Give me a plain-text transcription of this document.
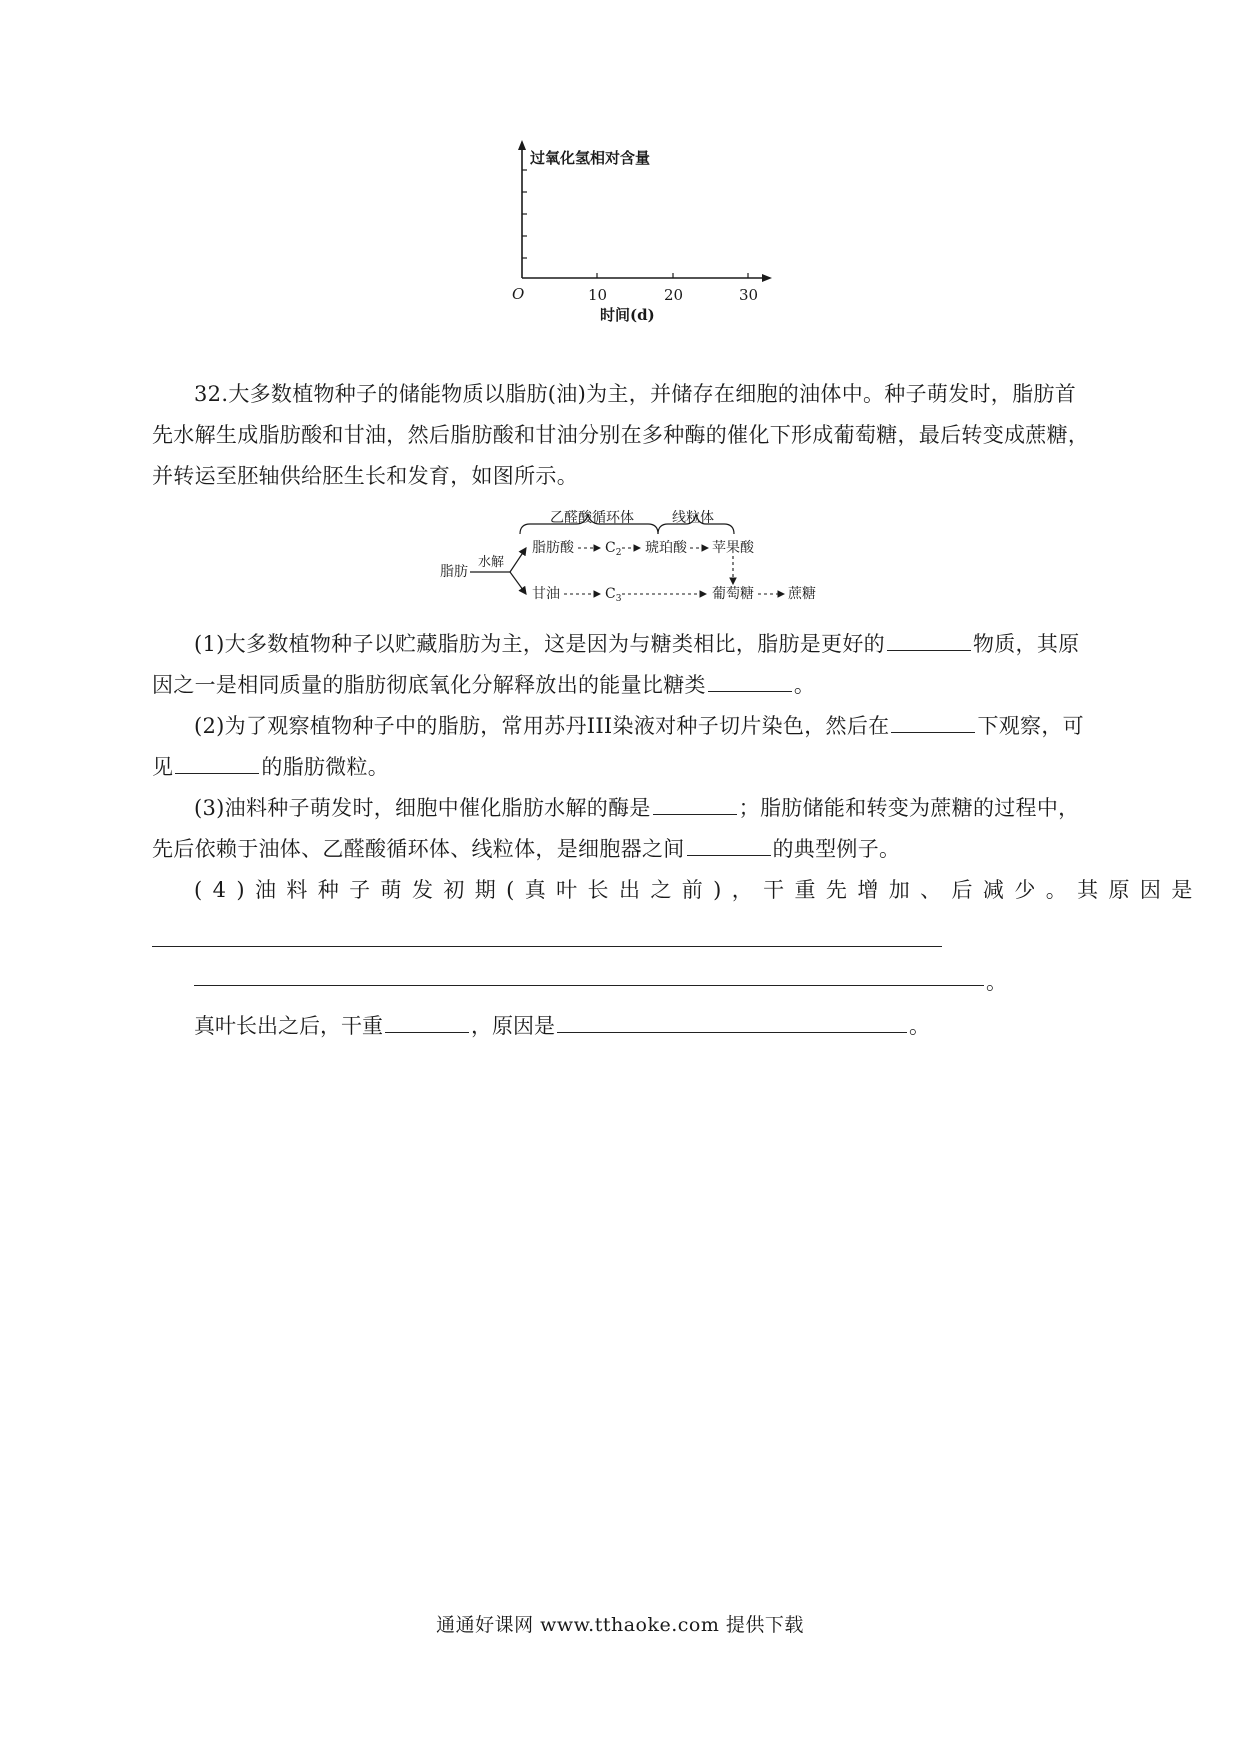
过氧化氢相对含量
O	10	20	30
时间(d)
32.大多数植物种子的储能物质以脂肪(油)为主，并储存在细胞的油体中。种子萌发时，脂肪首
先水解生成脂肪酸和甘油，然后脂肪酸和甘油分别在多种酶的催化下形成葡萄糖，最后转变成蔗糖，
并转运至胚轴供给胚生长和发育，如图所示。
乙醛酸循环体	线粒体
脂肪
水解
脂肪酸 $C_2$ 琥珀酸 苹果酸
甘油	$C_3$	葡萄糖 蔗糖
(1)大多数植物种子以贮藏脂肪为主，这是因为与糖类相比，脂肪是更好的	物质，其原
因之一是相同质量的脂肪彻底氧化分解释放出的能量比糖类	。
(2)为了观察植物种子中的脂肪，常用苏丹III染液对种子切片染色，然后在	下观察，可
见	的脂肪微粒。
(3)油料种子萌发时，细胞中催化脂肪水解的酶是	；脂肪储能和转变为蔗糖的过程中，
先后依赖于油体、乙醛酸循环体、线粒体，是细胞器之间	的典型例子。
(4)油料种子萌发初期(真叶长出之前)，干重先增加、后减少。其原因是
。
真叶长出之后，干重	，原因是	。
通通好课网 www.tthaoke.com 提供下载
